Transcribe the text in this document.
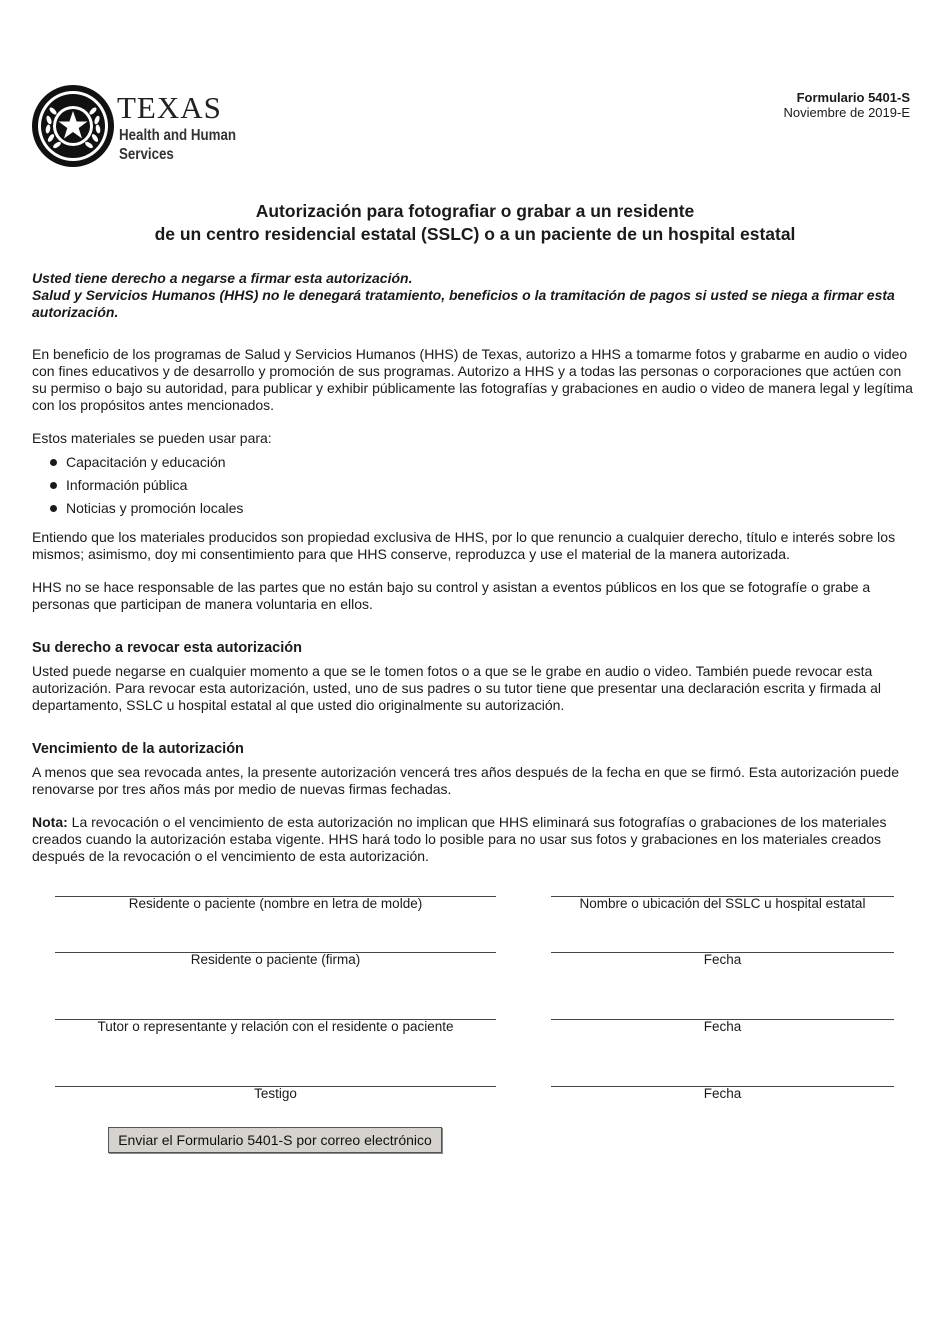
TEXAS
Health and Human Services
Formulario 5401-S
Noviembre de 2019-E
Autorización para fotografiar o grabar a un residente
de un centro residencial estatal (SSLC) o a un paciente de un hospital estatal

Usted tiene derecho a negarse a firmar esta autorización.

Salud y Servicios Humanos (HHS) no le denegará tratamiento, beneficios o la tramitación de pagos si usted se niega a firmar esta autorización.

En beneficio de los programas de Salud y Servicios Humanos (HHS) de Texas, autorizo a HHS a tomarme fotos y grabarme en audio o video con fines educativos y de desarrollo y promoción de sus programas. Autorizo a HHS y a todas las personas o corporaciones que actúen con su permiso o bajo su autoridad, para publicar y exhibir públicamente las fotografías y grabaciones en audio o video de manera legal y legítima con los propósitos antes mencionados.

Estos materiales se pueden usar para:

Capacitación y educación
Información pública
Noticias y promoción locales

Entiendo que los materiales producidos son propiedad exclusiva de HHS, por lo que renuncio a cualquier derecho, título e interés sobre los mismos; asimismo, doy mi consentimiento para que HHS conserve, reproduzca y use el material de la manera autorizada.

HHS no se hace responsable de las partes que no están bajo su control y asistan a eventos públicos en los que se fotografíe o grabe a personas que participan de manera voluntaria en ellos.

Su derecho a revocar esta autorización

Usted puede negarse en cualquier momento a que se le tomen fotos o a que se le grabe en audio o video. También puede revocar esta autorización. Para revocar esta autorización, usted, uno de sus padres o su tutor tiene que presentar una declaración escrita y firmada al departamento, SSLC u hospital estatal al que usted dio originalmente su autorización.

Vencimiento de la autorización

A menos que sea revocada antes, la presente autorización vencerá tres años después de la fecha en que se firmó. Esta autorización puede renovarse por tres años más por medio de nuevas firmas fechadas.

Nota: La revocación o el vencimiento de esta autorización no implican que HHS eliminará sus fotografías o grabaciones de los materiales creados cuando la autorización estaba vigente. HHS hará todo lo posible para no usar sus fotos y grabaciones en los materiales creados después de la revocación o el vencimiento de esta autorización.

Residente o paciente (nombre en letra de molde)	Nombre o ubicación del SSLC u hospital estatal
Residente o paciente (firma)	Fecha
Tutor o representante y relación con el residente o paciente	Fecha
Testigo	Fecha
Enviar el Formulario 5401-S por correo electrónico
